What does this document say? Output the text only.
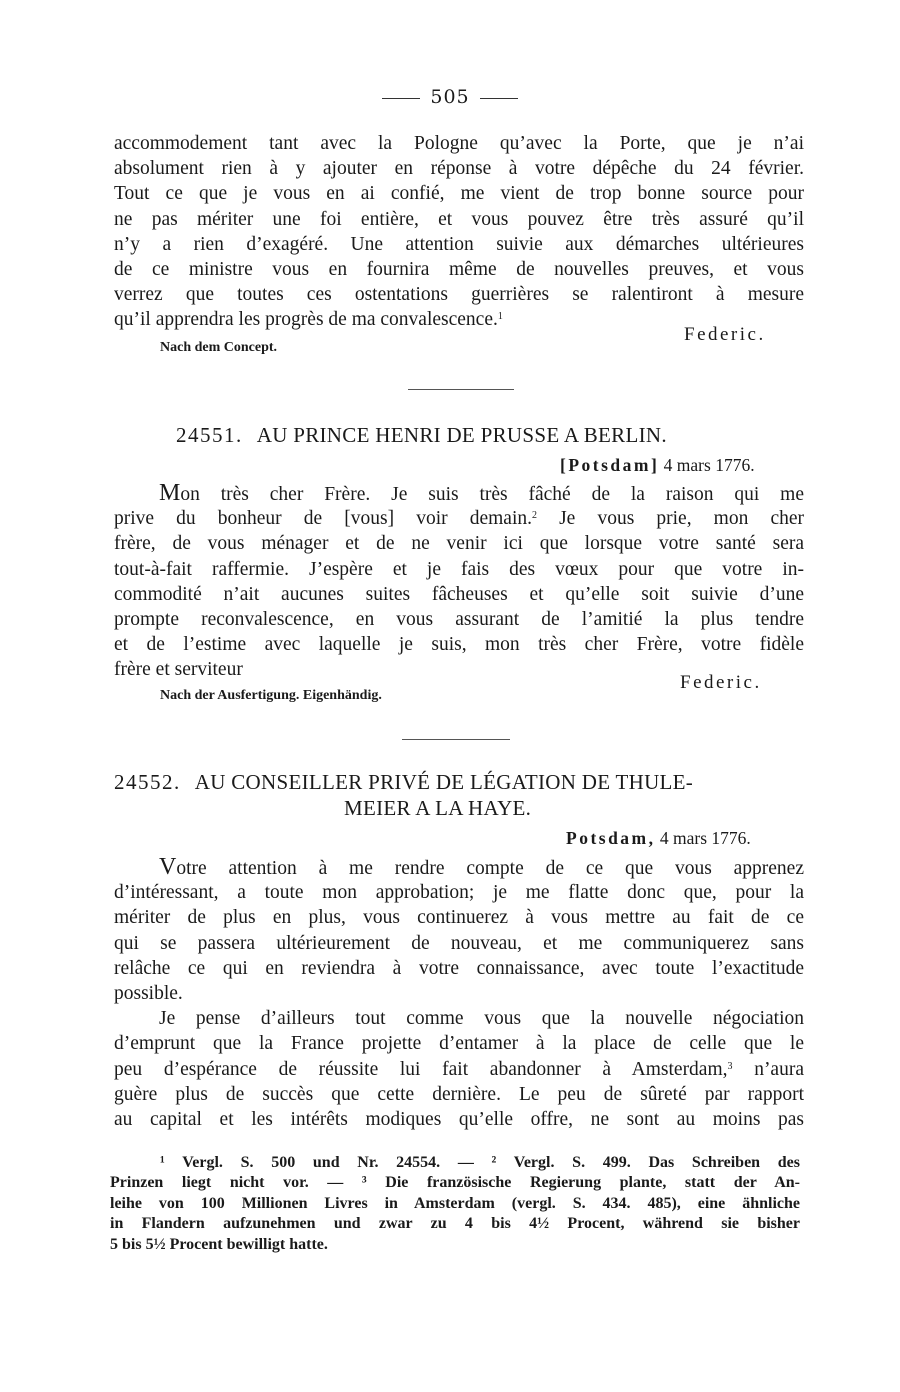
505
accommodement tant avec la Pologne qu’avec la Porte, que je n’ai
absolument rien à y ajouter en réponse à votre dépêche du 24 février.
Tout ce que je vous en ai confié, me vient de trop bonne source pour
ne pas mériter une foi entière, et vous pouvez être très assuré qu’il
n’y a rien d’exagéré. Une attention suivie aux démarches ultérieures
de ce ministre vous en fournira même de nouvelles preuves, et vous
verrez que toutes ces ostentations guerrières se ralentiront à mesure
qu’il apprendra les progrès de ma convalescence.$^1$
Federic.
Nach dem Concept.
24551. AU PRINCE HENRI DE PRUSSE A BERLIN.
[Potsdam] 4 mars 1776.
Mon très cher Frère. Je suis très fâché de la raison qui me
prive du bonheur de [vous] voir demain.$^2$ Je vous prie, mon cher
frère, de vous ménager et de ne venir ici que lorsque votre santé sera
tout-à-fait raffermie. J’espère et je fais des vœux pour que votre in-
commodité n’ait aucunes suites fâcheuses et qu’elle soit suivie d’une
prompte reconvalescence, en vous assurant de l’amitié la plus tendre
et de l’estime avec laquelle je suis, mon très cher Frère, votre fidèle
frère et serviteur
Federic.
Nach der Ausfertigung. Eigenhändig.
24552. AU CONSEILLER PRIVÉ DE LÉGATION DE THULE-
MEIER A LA HAYE.
Potsdam, 4 mars 1776.
Votre attention à me rendre compte de ce que vous apprenez
d’intéressant, a toute mon approbation; je me flatte donc que, pour la
mériter de plus en plus, vous continuerez à vous mettre au fait de ce
qui se passera ultérieurement de nouveau, et me communiquerez sans
relâche ce qui en reviendra à votre connaissance, avec toute l’exactitude
possible.
Je pense d’ailleurs tout comme vous que la nouvelle négociation
d’emprunt que la France projette d’entamer à la place de celle que le
peu d’espérance de réussite lui fait abandonner à Amsterdam,$^3$ n’aura
guère plus de succès que cette dernière. Le peu de sûreté par rapport
au capital et les intérêts modiques qu’elle offre, ne sont au moins pas
¹ Vergl. S. 500 und Nr. 24554. — ² Vergl. S. 499. Das Schreiben des
Prinzen liegt nicht vor. — ³ Die französische Regierung plante, statt der An-
leihe von 100 Millionen Livres in Amsterdam (vergl. S. 434. 485), eine ähnliche
in Flandern aufzunehmen und zwar zu 4 bis 4½ Procent, während sie bisher
5 bis 5½ Procent bewilligt hatte.
